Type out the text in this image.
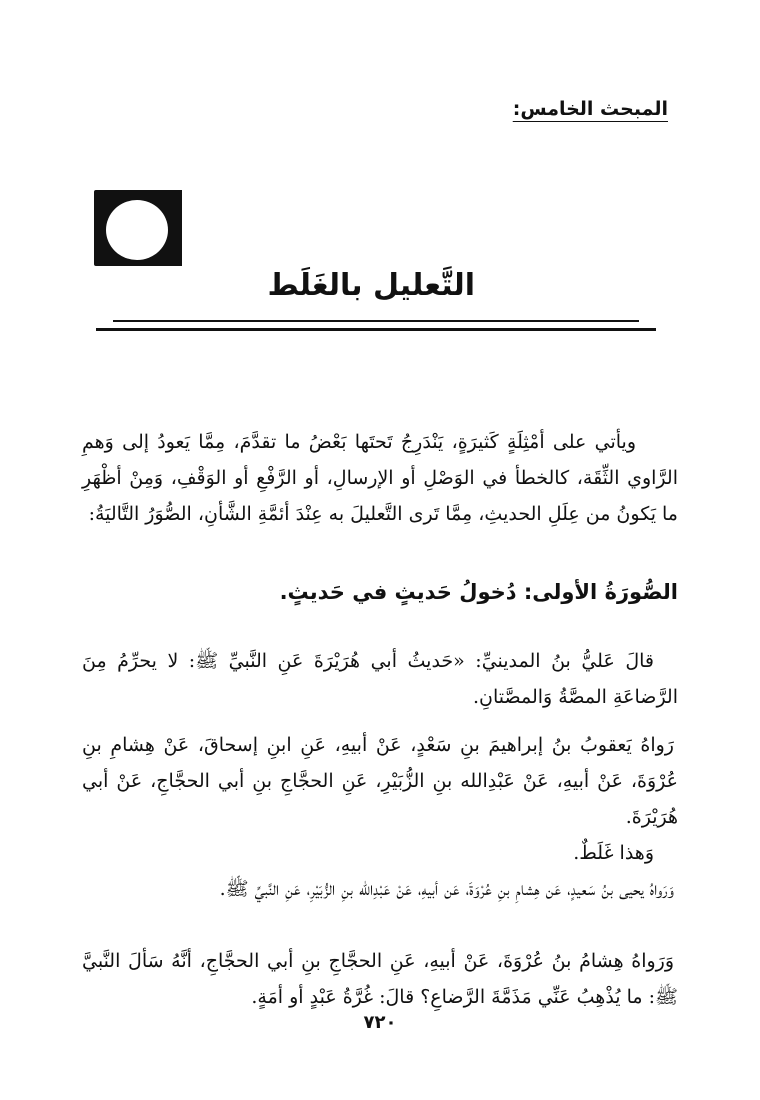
المبحث الخامس:
التَّعليل بالغَلَط

ويأتي على أمْثِلَةٍ كَثيرَةٍ، يَنْدَرِجُ تَحتَها بَعْضُ ما تقدَّمَ، مِمَّا يَعودُ إلى وَهمِ الرَّاوي الثِّقَة، كالخطأ في الوَصْلِ أو الإرسالِ، أو الرَّفْعِ أو الوَقْفِ، وَمِنْ أظْهَرِ ما يَكونُ من عِلَلِ الحديثِ، مِمَّا تَرى التَّعليلَ به عِنْدَ أئمَّةِ الشَّأنِ، الصُّوَرُ التَّاليَةُ:

الصُّورَةُ الأولى: دُخولُ حَديثٍ في حَديثٍ.

قالَ عَليُّ بنُ المدينيِّ: «حَديثُ أبي هُرَيْرَةَ عَنِ النَّبيِّ ﷺ: لا يحرِّمُ مِنَ الرَّضاعَةِ المصَّةُ وَالمصَّتانِ.

رَواهُ يَعقوبُ بنُ إبراهيمَ بنِ سَعْدٍ، عَنْ أبيهِ، عَنِ ابنِ إسحاقَ، عَنْ هِشامِ بنِ عُرْوَةَ، عَنْ أبيهِ، عَنْ عَبْدِالله بنِ الزُّبَيْرِ، عَنِ الحجَّاجِ بنِ أبي الحجَّاجِ، عَنْ أبي هُرَيْرَةَ.

وَهذا غَلَطٌ.

وَرَواهُ يحيى بنُ سَعيدٍ، عَن هِشامِ بنِ عُرْوَةَ، عَن أبيهِ، عَنْ عَبْدِالله بنِ الزُّبَيْرِ، عَنِ النَّبيِّ ﷺ.

وَرَواهُ هِشامُ بنُ عُرْوَةَ، عَنْ أبيهِ، عَنِ الحجَّاجِ بنِ أبي الحجَّاجِ، أنَّهُ سَألَ النَّبيَّ ﷺ: ما يُذْهِبُ عَنِّي مَذَمَّةَ الرَّضاعِ؟ قالَ: غُرَّةُ عَبْدٍ أو أمَةٍ.

٧٢٠
